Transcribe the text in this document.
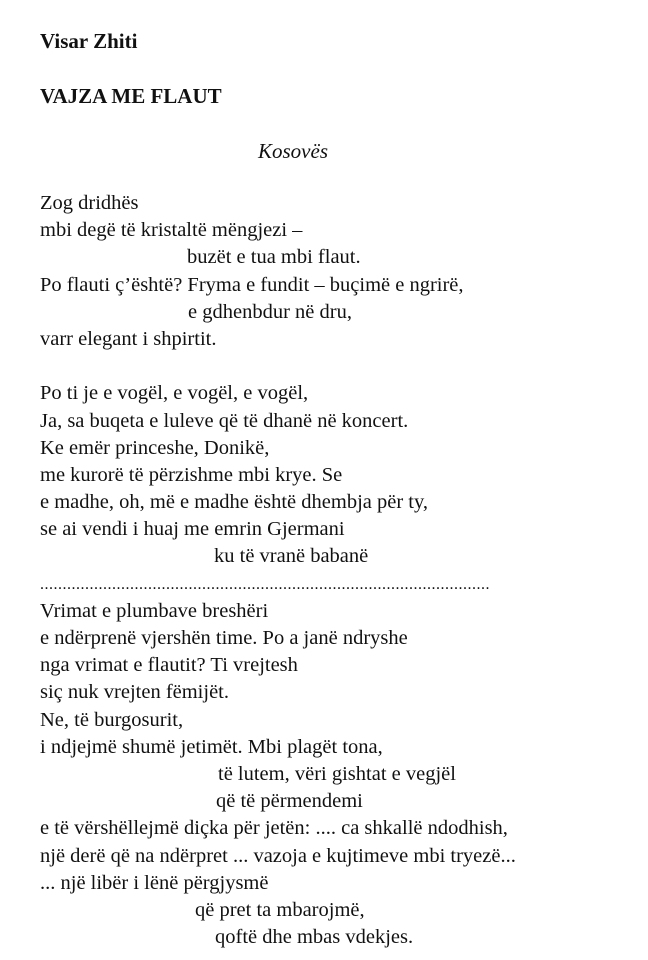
Visar Zhiti
VAJZA ME FLAUT
Kosovës
Zog dridhës
mbi degë të kristaltë mëngjezi –
buzët e tua mbi flaut.
Po flauti ç’është? Fryma e fundit – buçimë e ngrirë,
e gdhenbdur në dru,
varr elegant i shpirtit.
Po ti je e vogël, e vogël, e vogël,
Ja, sa buqeta e luleve që të dhanë në koncert.
Ke emër princeshe, Donikë,
me kurorë të përzishme mbi krye. Se
e madhe, oh, më e madhe është dhembja për ty,
se ai vendi i huaj me emrin Gjermani
ku të vranë babanë
....................................................................................................
Vrimat e plumbave breshëri
e ndërprenë vjershën time. Po a janë ndryshe
nga vrimat e flautit? Ti vrejtesh
siç nuk vrejten fëmijët.
Ne, të burgosurit,
i ndjejmë shumë jetimët. Mbi plagët tona,
të lutem, vëri gishtat e vegjël
që të përmendemi
e të vërshëllejmë diçka për jetën: .... ca shkallë ndodhish,
një derë që na ndërpret ... vazoja e kujtimeve mbi tryezë...
... një libër i lënë përgjysmë
që pret ta mbarojmë,
qoftë dhe mbas vdekjes.
